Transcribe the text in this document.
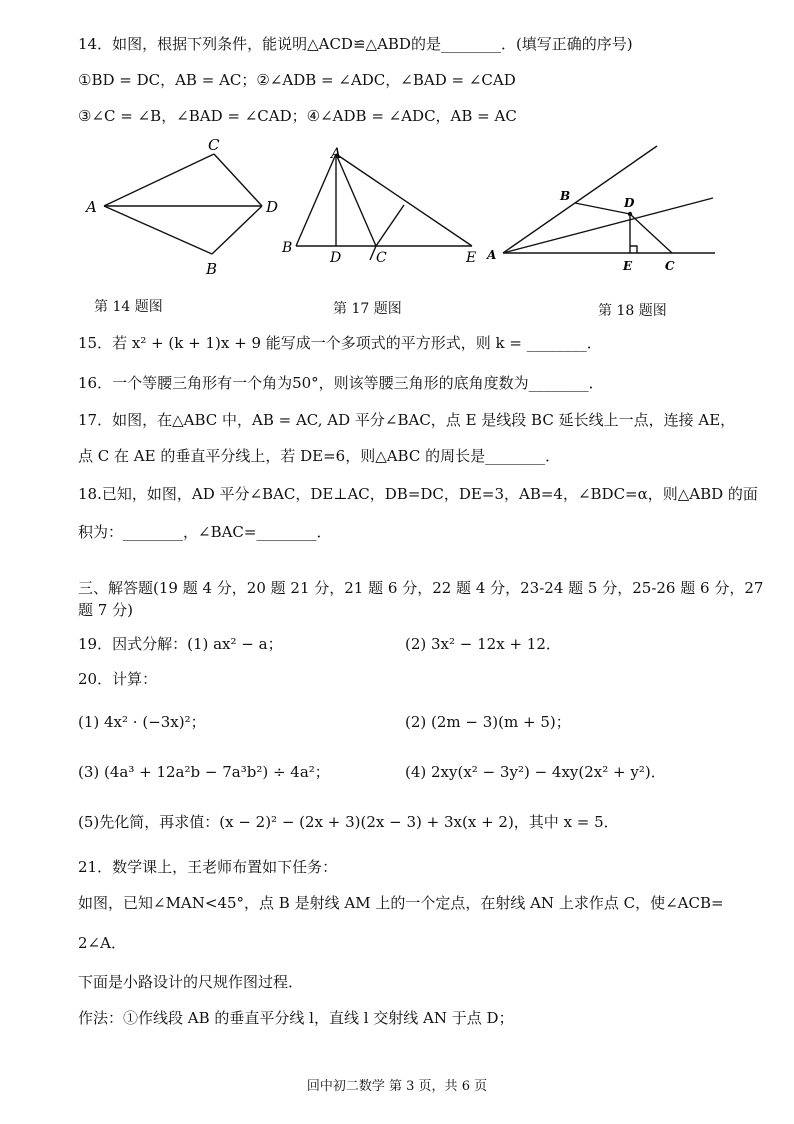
14．如图，根据下列条件，能说明△ACD≌△ABD的是________．(填写正确的序号)
①BD = DC，AB = AC；②∠ADB = ∠ADC，∠BAD = ∠CAD
③∠C = ∠B，∠BAD = ∠CAD；④∠ADB = ∠ADC，AB = AC
A
C
D
B
A
B
D C	E
B	D
A
E	C
第 14 题图	第 17 题图	第 18 题图
15．若 x² + (k + 1)x + 9 能写成一个多项式的平方形式，则 k = ________．
16．一个等腰三角形有一个角为50°，则该等腰三角形的底角度数为________．
17．如图，在△ABC 中，AB = AC, AD 平分∠BAC，点 E 是线段 BC 延长线上一点，连接 AE，
点 C 在 AE 的垂直平分线上，若 DE=6，则△ABC 的周长是________．
18.已知，如图，AD 平分∠BAC，DE⊥AC，DB=DC，DE=3，AB=4，∠BDC=α，则△ABD 的面
积为：________，∠BAC=________．
三、解答题(19 题 4 分，20 题 21 分，21 题 6 分，22 题 4 分，23-24 题 5 分，25-26 题 6 分，27
题 7 分)
19．因式分解：(1) ax² − a；	(2) 3x² − 12x + 12．
20．计算：
(1) 4x² · (−3x)²；	(2) (2m − 3)(m + 5)；
(3) (4a³ + 12a²b − 7a³b²) ÷ 4a²；	(4) 2xy(x² − 3y²) − 4xy(2x² + y²)．
(5)先化简，再求值：(x − 2)² − (2x + 3)(2x − 3) + 3x(x + 2)，其中 x = 5．
21．数学课上，王老师布置如下任务：
如图，已知∠MAN<45°，点 B 是射线 AM 上的一个定点，在射线 AN 上求作点 C，使∠ACB=
2∠A．
下面是小路设计的尺规作图过程．
作法：①作线段 AB 的垂直平分线 l，直线 l 交射线 AN 于点 D；
回中初二数学 第 3 页，共 6 页
